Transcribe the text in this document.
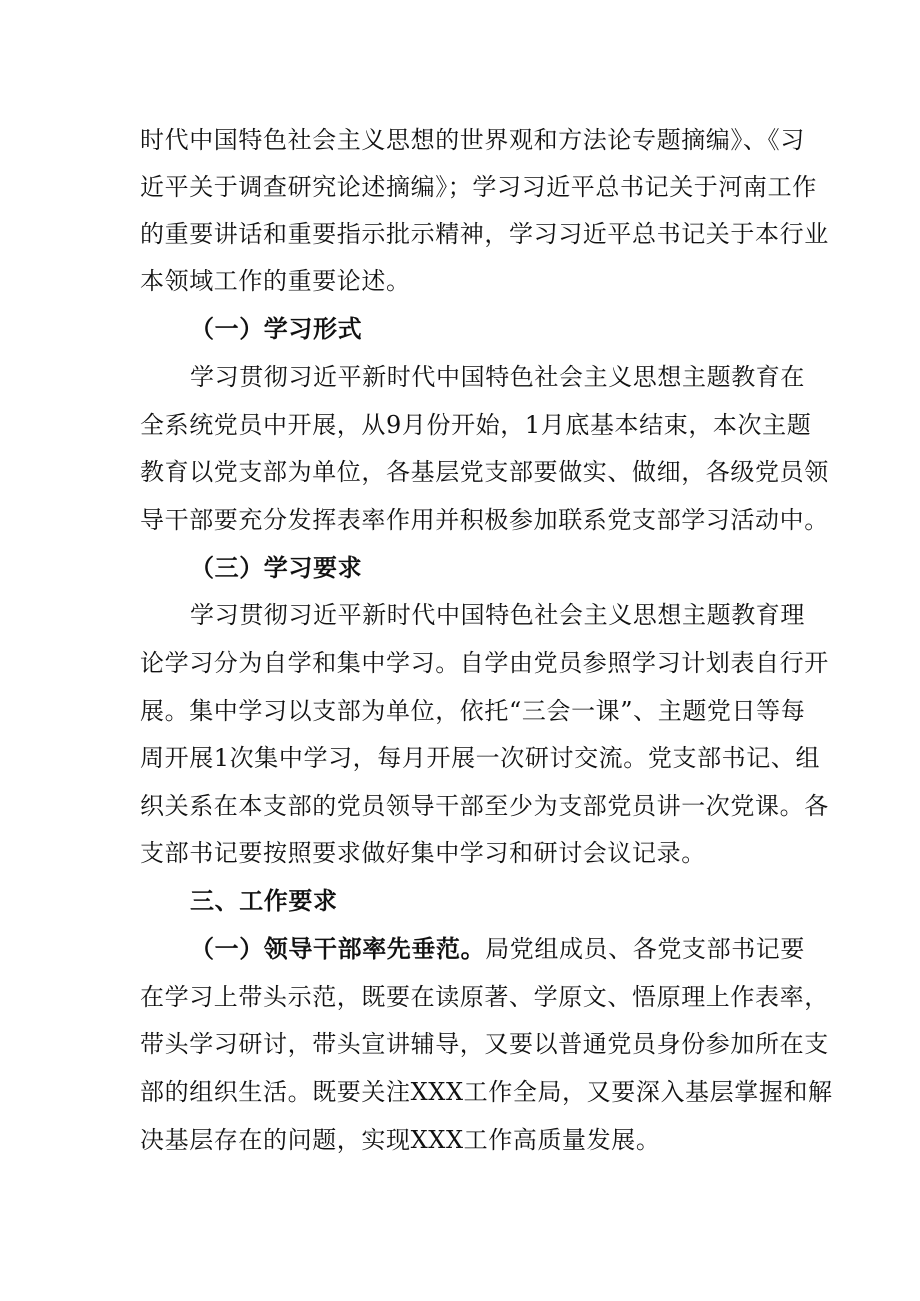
时代中国特色社会主义思想的世界观和方法论专题摘编》、《习
近平关于调查研究论述摘编》；学习习近平总书记关于河南工作
的重要讲话和重要指示批示精神，学习习近平总书记关于本行业
本领域工作的重要论述。
（一）学习形式
学习贯彻习近平新时代中国特色社会主义思想主题教育在
全系统党员中开展，从9月份开始，1月底基本结束，本次主题
教育以党支部为单位，各基层党支部要做实、做细，各级党员领
导干部要充分发挥表率作用并积极参加联系党支部学习活动中。
（三）学习要求
学习贯彻习近平新时代中国特色社会主义思想主题教育理
论学习分为自学和集中学习。自学由党员参照学习计划表自行开
展。集中学习以支部为单位，依托“三会一课”、主题党日等每
周开展1次集中学习，每月开展一次研讨交流。党支部书记、组
织关系在本支部的党员领导干部至少为支部党员讲一次党课。各
支部书记要按照要求做好集中学习和研讨会议记录。
三、工作要求
（一）领导干部率先垂范。局党组成员、各党支部书记要
在学习上带头示范，既要在读原著、学原文、悟原理上作表率，
带头学习研讨，带头宣讲辅导，又要以普通党员身份参加所在支
部的组织生活。既要关注XXX工作全局，又要深入基层掌握和解
决基层存在的问题，实现XXX工作高质量发展。
